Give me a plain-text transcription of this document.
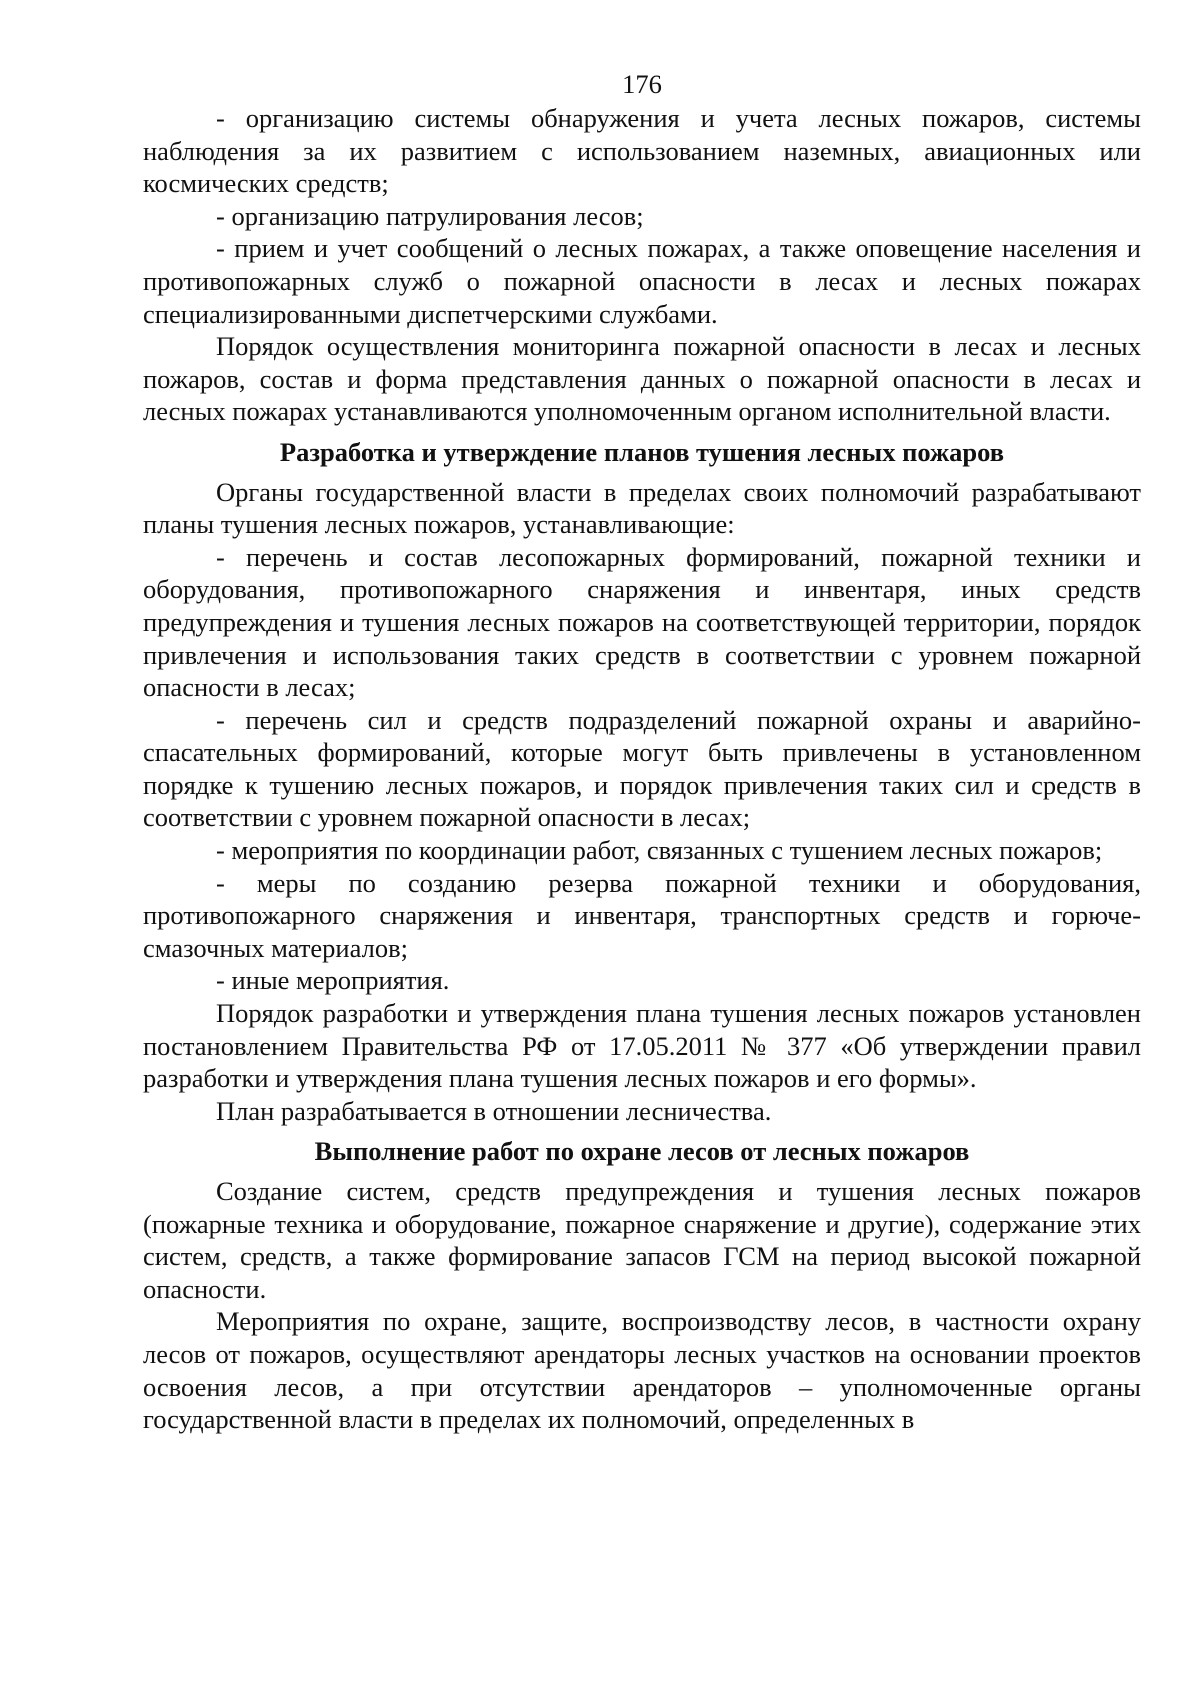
176

- организацию системы обнаружения и учета лесных пожаров, системы наблюдения за их развитием с использованием наземных, авиационных или космических средств;

- организацию патрулирования лесов;

- прием и учет сообщений о лесных пожарах, а также оповещение населения и противопожарных служб о пожарной опасности в лесах и лесных пожарах специализированными диспетчерскими службами.

Порядок осуществления мониторинга пожарной опасности в лесах и лесных пожаров, состав и форма представления данных о пожарной опасности в лесах и лесных пожарах устанавливаются уполномоченным органом исполнительной власти.

Разработка и утверждение планов тушения лесных пожаров

Органы государственной власти в пределах своих полномочий разрабатывают планы тушения лесных пожаров, устанавливающие:

- перечень и состав лесопожарных формирований, пожарной техники и оборудования, противопожарного снаряжения и инвентаря, иных средств предупреждения и тушения лесных пожаров на соответствующей территории, порядок привлечения и использования таких средств в соответствии с уровнем пожарной опасности в лесах;

- перечень сил и средств подразделений пожарной охраны и аварийно-спасательных формирований, которые могут быть привлечены в установленном порядке к тушению лесных пожаров, и порядок привлечения таких сил и средств в соответствии с уровнем пожарной опасности в лесах;

- мероприятия по координации работ, связанных с тушением лесных пожаров;

- меры по созданию резерва пожарной техники и оборудования, противопожарного снаряжения и инвентаря, транспортных средств и горюче-смазочных материалов;

- иные мероприятия.

Порядок разработки и утверждения плана тушения лесных пожаров установлен постановлением Правительства РФ от 17.05.2011 № 377 «Об утверждении правил разработки и утверждения плана тушения лесных пожаров и его формы».

План разрабатывается в отношении лесничества.

Выполнение работ по охране лесов от лесных пожаров

Создание систем, средств предупреждения и тушения лесных пожаров (пожарные техника и оборудование, пожарное снаряжение и другие), содержание этих систем, средств, а также формирование запасов ГСМ на период высокой пожарной опасности.

Мероприятия по охране, защите, воспроизводству лесов, в частности охрану лесов от пожаров, осуществляют арендаторы лесных участков на основании проектов освоения лесов, а при отсутствии арендаторов – уполномоченные органы государственной власти в пределах их полномочий, определенных в
